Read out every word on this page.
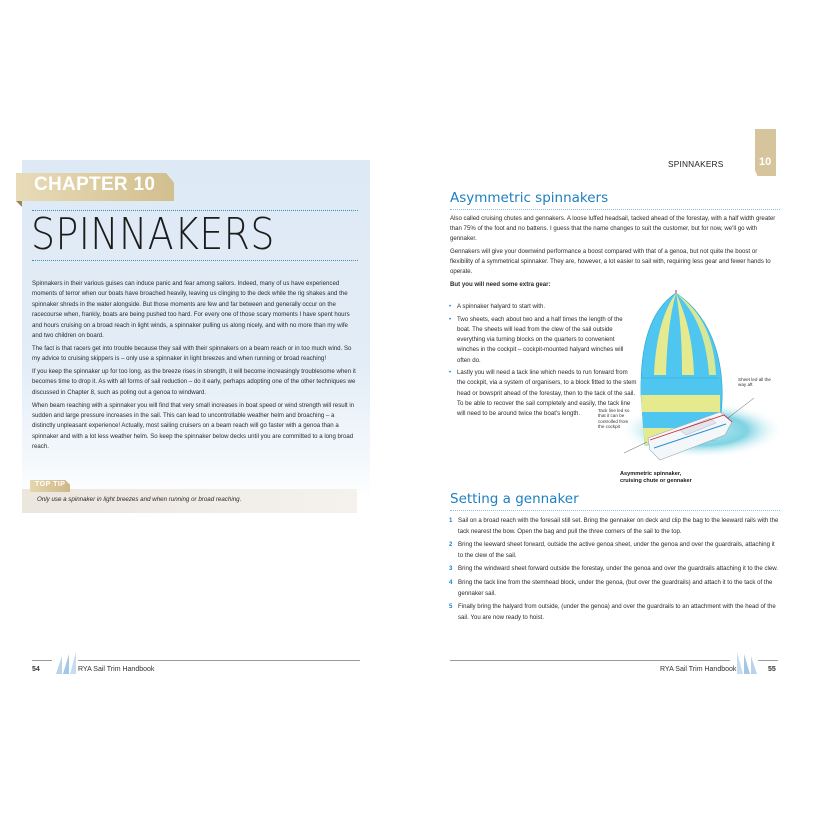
CHAPTER 10
SPINNAKERS

Spinnakers in their various guises can induce panic and fear among sailors. Indeed, many of us have experienced moments of terror when our boats have broached heavily, leaving us clinging to the deck while the rig shakes and the spinnaker shreds in the water alongside. But those moments are few and far between and generally occur on the racecourse when, frankly, boats are being pushed too hard. For every one of those scary moments I have spent hours and hours cruising on a broad reach in light winds, a spinnaker pulling us along nicely, and with no more than my wife and two children on board.

The fact is that racers get into trouble because they sail with their spinnakers on a beam reach or in too much wind. So my advice to cruising skippers is – only use a spinnaker in light breezes and when running or broad reaching!

If you keep the spinnaker up for too long, as the breeze rises in strength, it will become increasingly troublesome when it becomes time to drop it. As with all forms of sail reduction – do it early, perhaps adopting one of the other techniques we discussed in Chapter 8, such as poling out a genoa to windward.

When beam reaching with a spinnaker you will find that very small increases in boat speed or wind strength will result in sudden and large pressure increases in the sail. This can lead to uncontrollable weather helm and broaching – a distinctly unpleasant experience! Actually, most sailing cruisers on a beam reach will go faster with a genoa than a spinnaker and with a lot less weather helm. So keep the spinnaker below decks until you are committed to a long broad reach.

TOP TIP
Only use a spinnaker in light breezes and when running or broad reaching.
54	RYA Sail Trim Handbook
SPINNAKERS	10
Asymmetric spinnakers

Also called cruising chutes and gennakers. A loose luffed headsail, tacked ahead of the forestay, with a half width greater than 75% of the foot and no battens. I guess that the name changes to suit the customer, but for now, we'll go with gennaker.

Gennakers will give your downwind performance a boost compared with that of a genoa, but not quite the boost or flexibility of a symmetrical spinnaker. They are, however, a lot easier to sail with, requiring less gear and fewer hands to operate.

But you will need some extra gear:

• A spinnaker halyard to start with.
• Two sheets, each about two and a half times the length of the boat. The sheets will lead from the clew of the sail outside everything via turning blocks on the quarters to convenient winches in the cockpit – cockpit-mounted halyard winches will often do.
• Lastly you will need a tack line which needs to run forward from the cockpit, via a system of organisers, to a block fitted to the stem head or bowsprit ahead of the forestay, then to the tack of the sail. To be able to recover the sail completely and easily, the tack line will need to be around twice the boat's length.	Tack line led so that it can be controlled from the cockpit
Sheet led all the way aft
Asymmetric spinnaker,
cruising chute or gennaker
Setting a gennaker
1 Sail on a broad reach with the foresail still set. Bring the gennaker on deck and clip the bag to the leeward rails with the tack nearest the bow. Open the bag and pull the three corners of the sail to the top.
2 Bring the leeward sheet forward, outside the active genoa sheet, under the genoa and over the guardrails, attaching it to the clew of the sail.
3 Bring the windward sheet forward outside the forestay, under the genoa and over the guardrails attaching it to the clew.
4 Bring the tack line from the stemhead block, under the genoa, (but over the guardrails) and attach it to the tack of the gennaker sail.
5 Finally bring the halyard from outside, (under the genoa) and over the guardrails to an attachment with the head of the sail. You are now ready to hoist.
RYA Sail Trim Handbook	55
